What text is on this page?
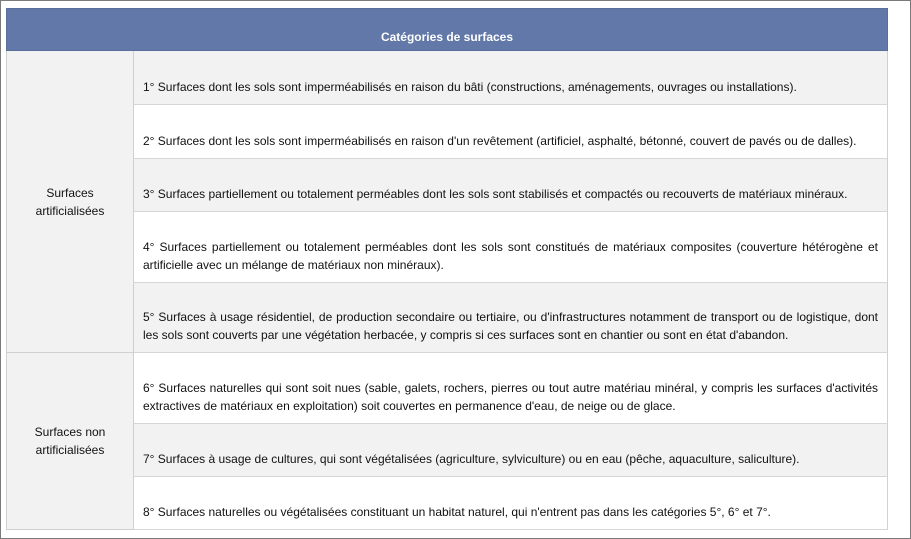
Catégories de surfaces
Surfaces
artificialisées
Surfaces non
artificialisées

1° Surfaces dont les sols sont imperméabilisés en raison du bâti (constructions, aménagements, ouvrages ou installations).

2° Surfaces dont les sols sont imperméabilisés en raison d'un revêtement (artificiel, asphalté, bétonné, couvert de pavés ou de dalles).

3° Surfaces partiellement ou totalement perméables dont les sols sont stabilisés et compactés ou recouverts de matériaux minéraux.

4° Surfaces partiellement ou totalement perméables dont les sols sont constitués de matériaux composites (couverture hétérogène et artificielle avec un mélange de matériaux non minéraux).

5° Surfaces à usage résidentiel, de production secondaire ou tertiaire, ou d'infrastructures notamment de transport ou de logistique, dont les sols sont couverts par une végétation herbacée, y compris si ces surfaces sont en chantier ou sont en état d'abandon.

6° Surfaces naturelles qui sont soit nues (sable, galets, rochers, pierres ou tout autre matériau minéral, y compris les surfaces d'activités extractives de matériaux en exploitation) soit couvertes en permanence d'eau, de neige ou de glace.

7° Surfaces à usage de cultures, qui sont végétalisées (agriculture, sylviculture) ou en eau (pêche, aquaculture, saliculture).

8° Surfaces naturelles ou végétalisées constituant un habitat naturel, qui n'entrent pas dans les catégories 5°, 6° et 7°.
